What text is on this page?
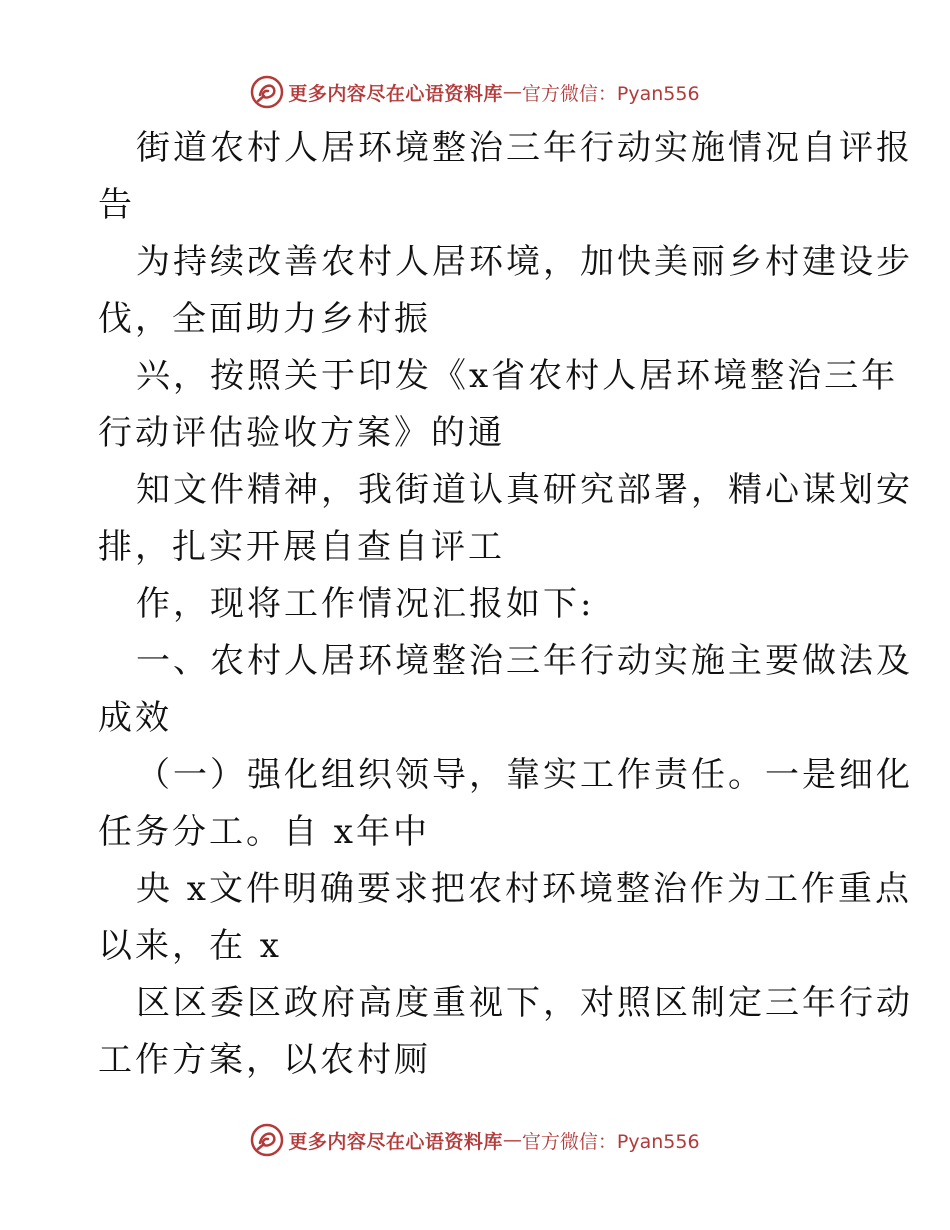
更多内容尽在心语资料库 — 官方微信：Pyan556
街道农村人居环境整治三年行动实施情况自评报
告
为持续改善农村人居环境，加快美丽乡村建设步
伐，全面助力乡村振
兴，按照关于印发《x省农村人居环境整治三年
行动评估验收方案》的通
知文件精神，我街道认真研究部署，精心谋划安
排，扎实开展自查自评工
作，现将工作情况汇报如下:
一、农村人居环境整治三年行动实施主要做法及
成效
（一）强化组织领导，靠实工作责任。一是细化
任务分工。自 x年中
央 x文件明确要求把农村环境整治作为工作重点
以来，在 x
区区委区政府高度重视下，对照区制定三年行动
工作方案，以农村厕
更多内容尽在心语资料库 — 官方微信：Pyan556
